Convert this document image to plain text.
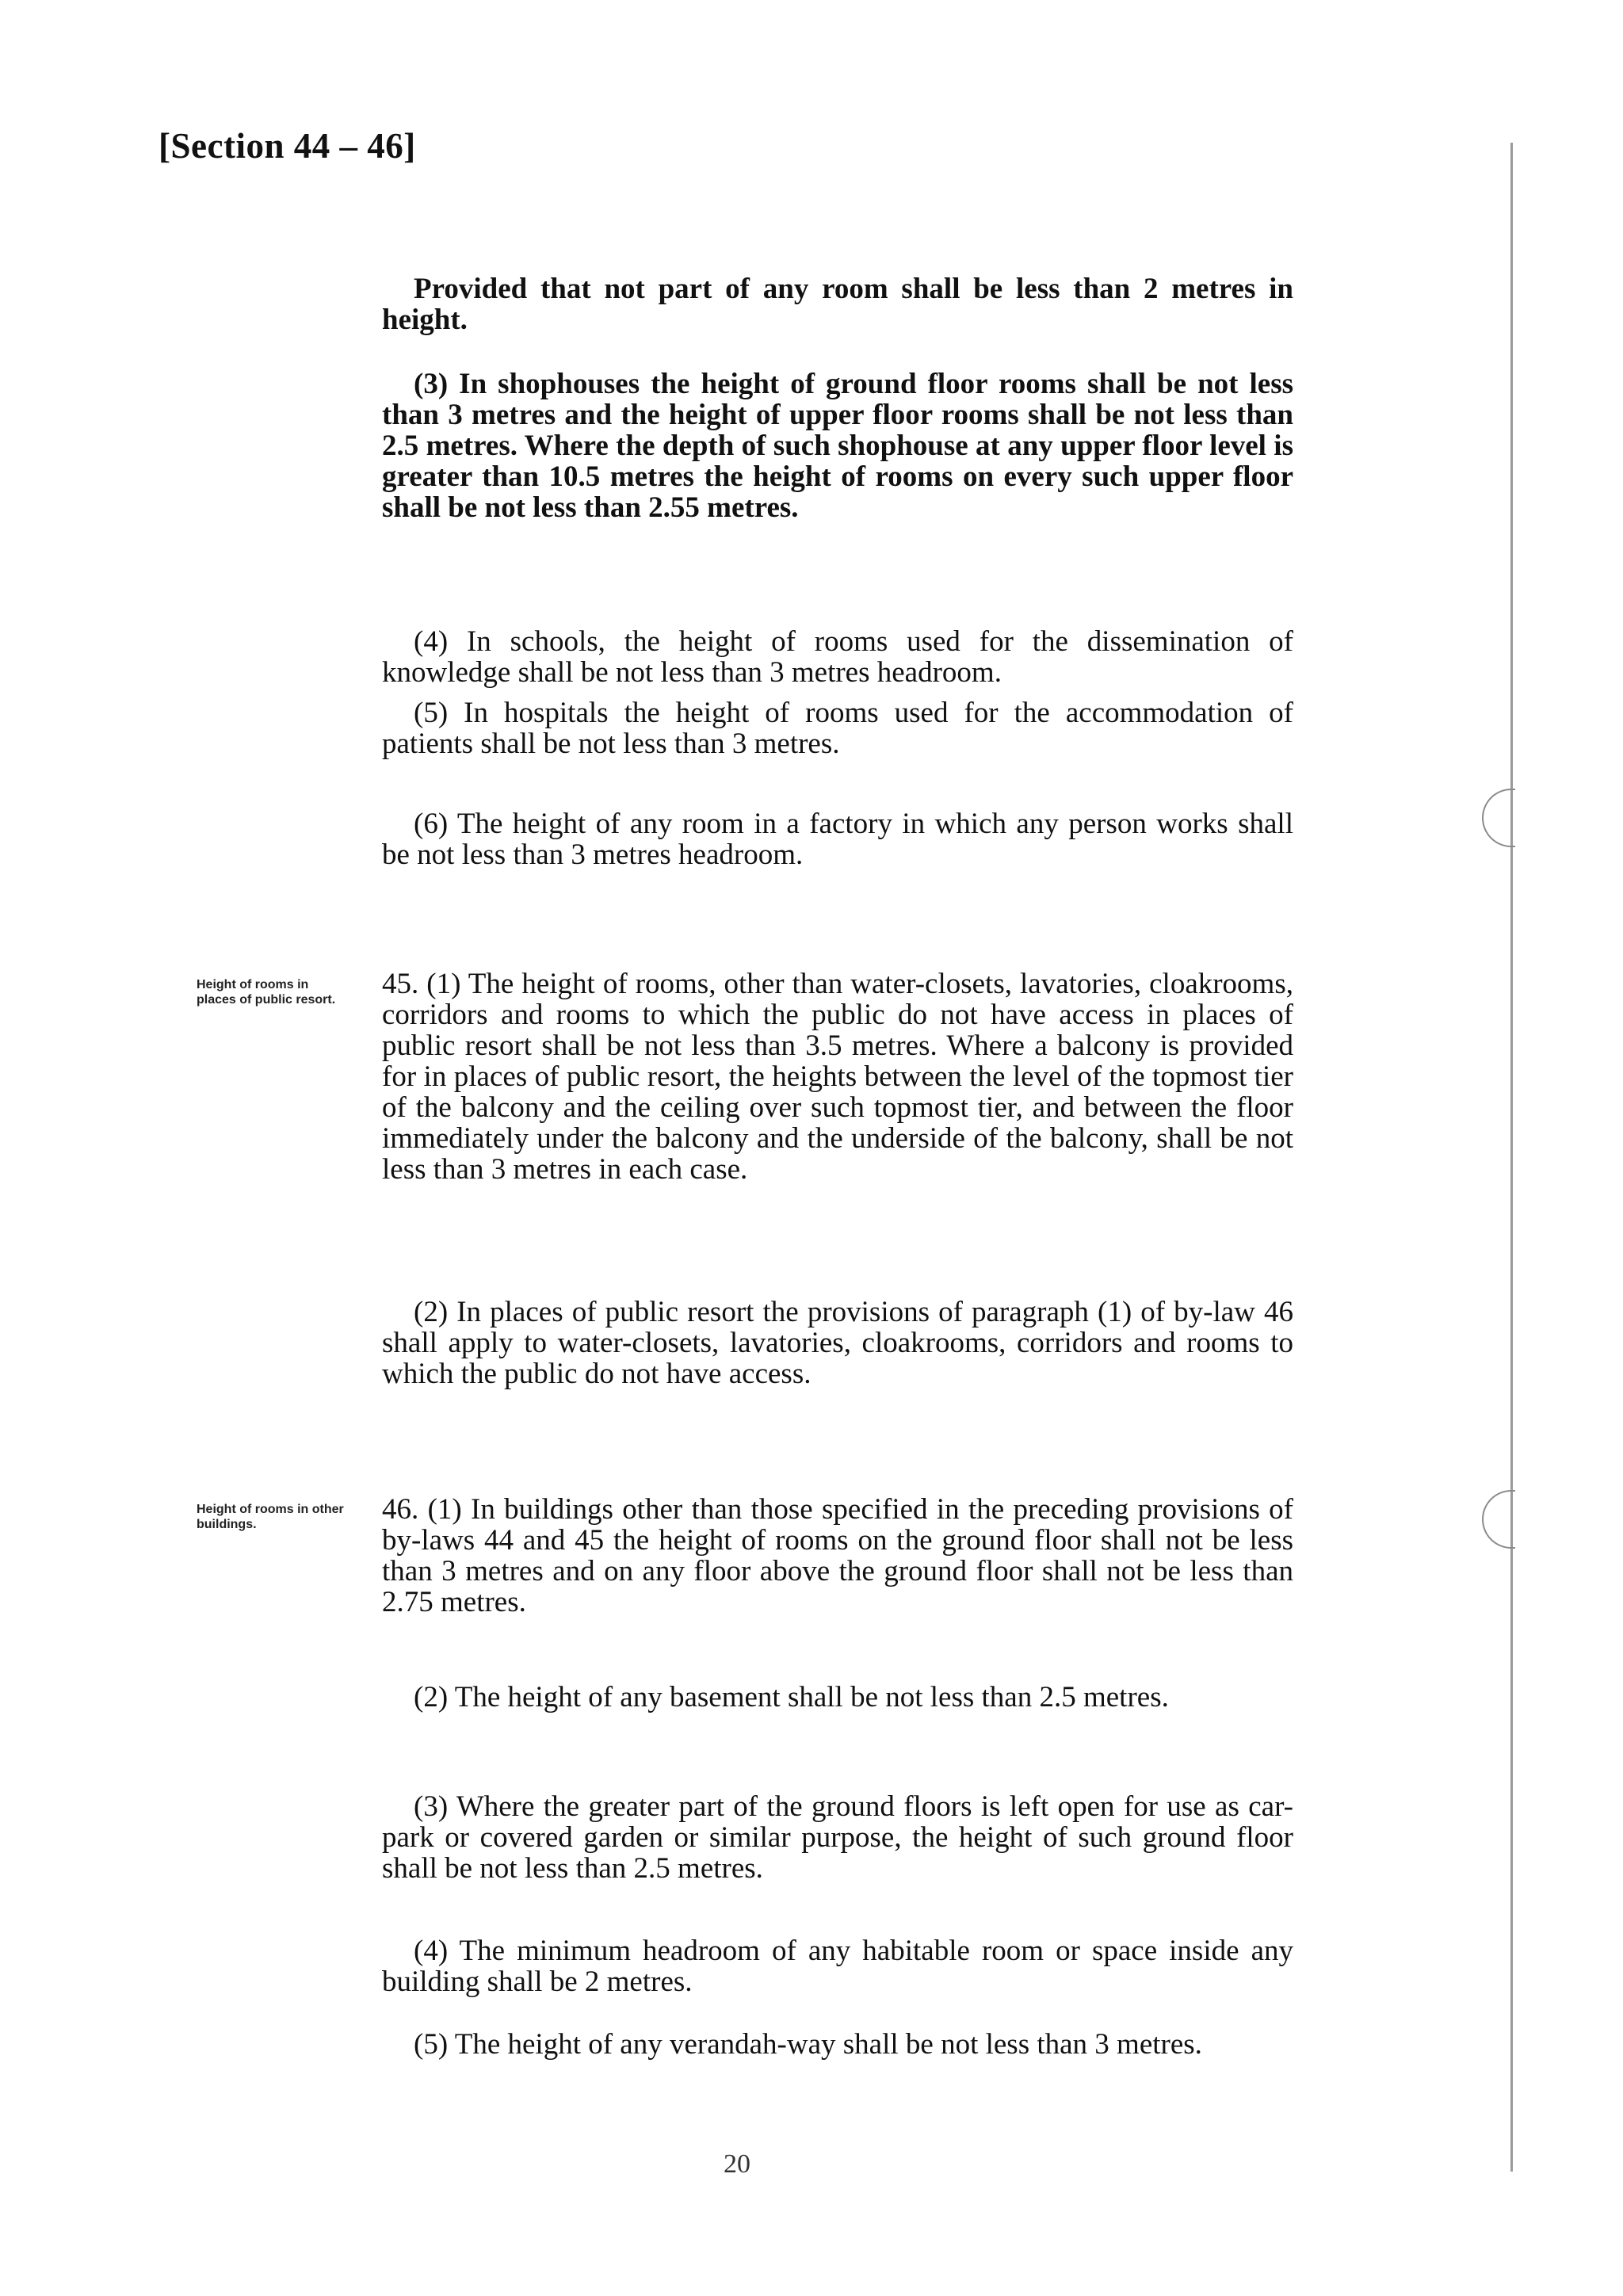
[Section 44 – 46]

Provided that not part of any room shall be less than 2 metres in height.

(3) In shophouses the height of ground floor rooms shall be not less than 3 metres and the height of upper floor rooms shall be not less than 2.5 metres. Where the depth of such shophouse at any upper floor level is greater than 10.5 metres the height of rooms on every such upper floor shall be not less than 2.55 metres.

(4) In schools, the height of rooms used for the dissemination of knowledge shall be not less than 3 metres headroom.

(5) In hospitals the height of rooms used for the accommodation of patients shall be not less than 3 metres.

(6) The height of any room in a factory in which any person works shall be not less than 3 metres headroom.

Height of rooms in places of public resort.	45. (1) The height of rooms, other than water-closets, lavatories, cloakrooms, corridors and rooms to which the public do not have access in places of public resort shall be not less than 3.5 metres. Where a balcony is provided for in places of public resort, the heights between the level of the topmost tier of the balcony and the ceiling over such topmost tier, and between the floor immediately under the balcony and the underside of the balcony, shall be not less than 3 metres in each case.

(2) In places of public resort the provisions of paragraph (1) of by-law 46 shall apply to water-closets, lavatories, cloakrooms, corridors and rooms to which the public do not have access.

Height of rooms in other buildings.	46. (1) In buildings other than those specified in the preceding provisions of by-laws 44 and 45 the height of rooms on the ground floor shall not be less than 3 metres and on any floor above the ground floor shall not be less than 2.75 metres.

(2) The height of any basement shall be not less than 2.5 metres.

(3) Where the greater part of the ground floors is left open for use as car-park or covered garden or similar purpose, the height of such ground floor shall be not less than 2.5 metres.

(4) The minimum headroom of any habitable room or space inside any building shall be 2 metres.

(5) The height of any verandah-way shall be not less than 3 metres.

20
